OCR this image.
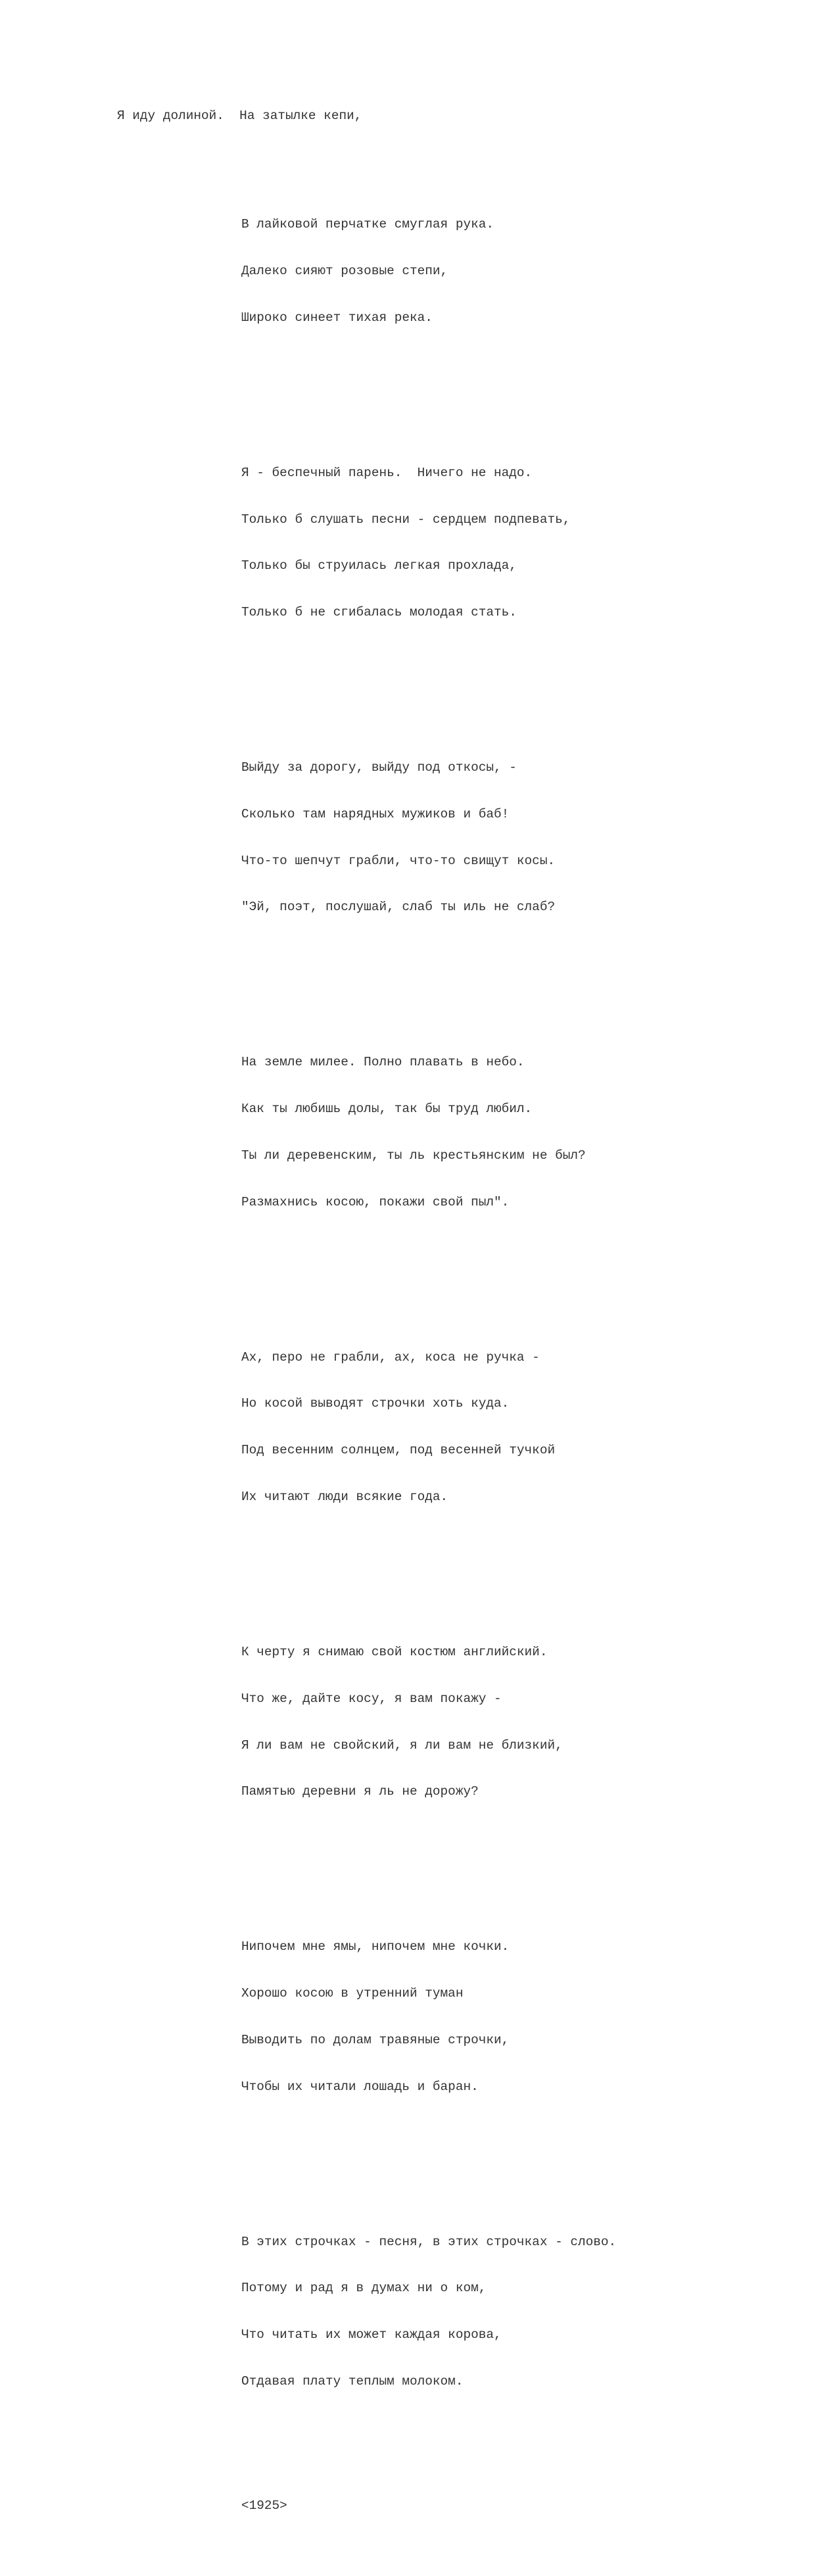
Я иду долиной.  На затылке кепи,

В лайковой перчатке смуглая рука.

Далеко сияют розовые степи,

Широко синеет тихая река.

Я - беспечный парень.  Ничего не надо.

Только б слушать песни - сердцем подпевать,

Только бы струилась легкая прохлада,

Только б не сгибалась молодая стать.

Выйду за дорогу, выйду под откосы, -

Сколько там нарядных мужиков и баб!

Что-то шепчут грабли, что-то свищут косы.

"Эй, поэт, послушай, слаб ты иль не слаб?

На земле милее. Полно плавать в небо.

Как ты любишь долы, так бы труд любил.

Ты ли деревенским, ты ль крестьянским не был?

Размахнись косою, покажи свой пыл".

Ах, перо не грабли, ах, коса не ручка -

Но косой выводят строчки хоть куда.

Под весенним солнцем, под весенней тучкой

Их читают люди всякие года.

К черту я снимаю свой костюм английский.

Что же, дайте косу, я вам покажу -

Я ли вам не свойский, я ли вам не близкий,

Памятью деревни я ль не дорожу?

Нипочем мне ямы, нипочем мне кочки.

Хорошо косою в утренний туман

Выводить по долам травяные строчки,

Чтобы их читали лошадь и баран.

В этих строчках - песня, в этих строчках - слово.

Потому и рад я в думах ни о ком,

Что читать их может каждая корова,

Отдавая плату теплым молоком.

<1925>
